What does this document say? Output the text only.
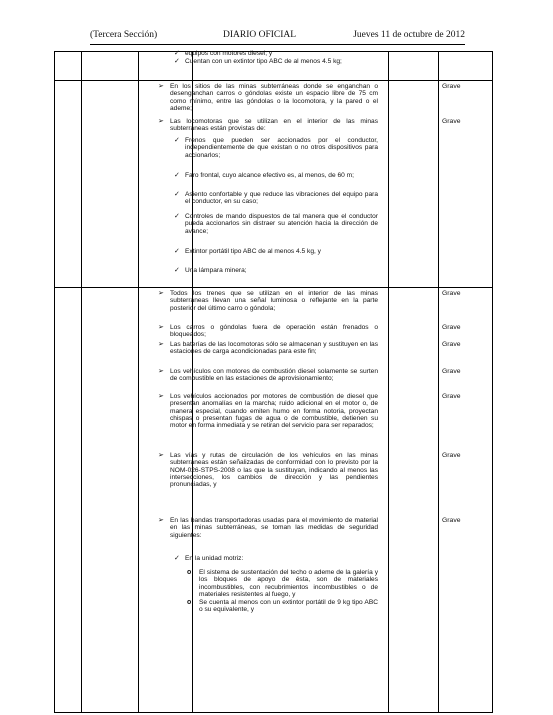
(Tercera Sección)	DIARIO OFICIAL	Jueves 11 de octubre de 2012
✓ equipos con motores diesel; y
✓ Cuentan con un extintor tipo ABC de al menos 4.5 kg;
➢ En los sitios de las minas subterráneas donde se enganchan o desenganchan carros o góndolas existe un espacio libre de 75 cm como mínimo, entre las góndolas o la locomotora, y la pared o el ademe;
Grave
➢ Las locomotoras que se utilizan en el interior de las minas subterráneas están provistas de:
Grave
✓ Frenos que pueden ser accionados por el conductor, independientemente de que existan o no otros dispositivos para accionarlos;
✓ Faro frontal, cuyo alcance efectivo es, al menos, de 60 m;
✓ Asiento confortable y que reduce las vibraciones del equipo para el conductor, en su caso;
✓ Controles de mando dispuestos de tal manera que el conductor pueda accionarlos sin distraer su atención hacia la dirección de avance;
✓ Extintor portátil tipo ABC de al menos 4.5 kg, y
✓ Una lámpara minera;
➢ Todos los trenes que se utilizan en el interior de las minas subterráneas llevan una señal luminosa o reflejante en la parte posterior del último carro o góndola;
Grave
➢ Los carros o góndolas fuera de operación están frenados o bloqueados;
Grave
➢ Las baterías de las locomotoras sólo se almacenan y sustituyen en las estaciones de carga acondicionadas para este fin;
Grave
➢ Los vehículos con motores de combustión diesel solamente se surten de combustible en las estaciones de aprovisionamiento;
Grave
➢ Los vehículos accionados por motores de combustión de diesel que presentan anomalías en la marcha; ruido adicional en el motor o, de manera especial, cuando emiten humo en forma notoria, proyectan chispas o presentan fugas de agua o de combustible, detienen su motor en forma inmediata y se retiran del servicio para ser reparados;
Grave
➢ Las vías y rutas de circulación de los vehículos en las minas subterráneas están señalizadas de conformidad con lo previsto por la NOM-026-STPS-2008 o las que la sustituyan, indicando al menos las intersecciones, los cambios de dirección y las pendientes pronunciadas, y
Grave
➢ En las bandas transportadoras usadas para el movimiento de material en las minas subterráneas, se toman las medidas de seguridad siguientes:
Grave
✓ En la unidad motriz:
o El sistema de sustentación del techo o ademe de la galería y los bloques de apoyo de ésta, son de materiales incombustibles, con recubrimientos incombustibles o de materiales resistentes al fuego, y
o Se cuenta al menos con un extintor portátil de 9 kg tipo ABC o su equivalente, y
